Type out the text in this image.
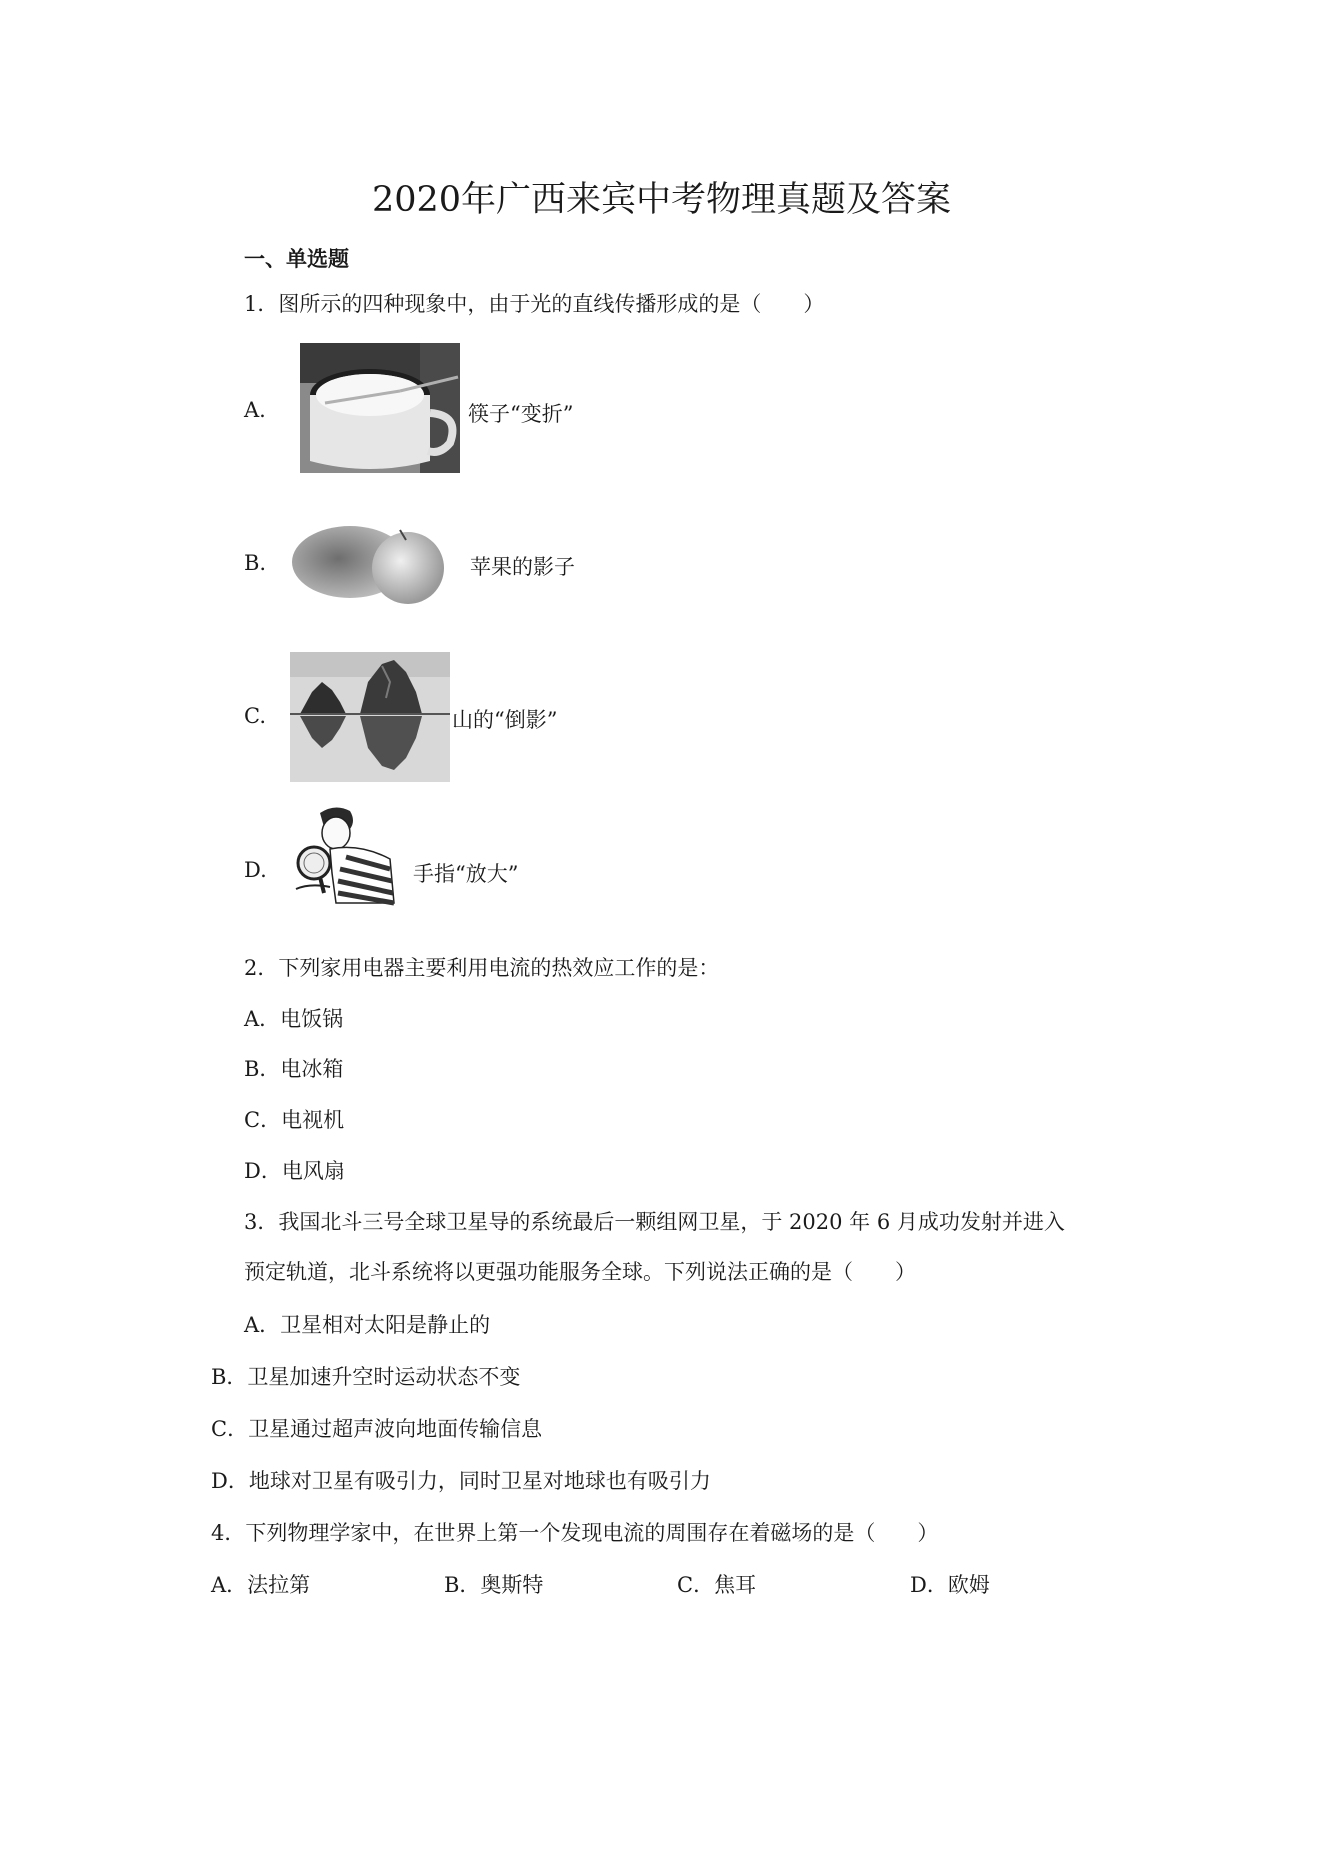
2020年广西来宾中考物理真题及答案
一、单选题
1．图所示的四种现象中，由于光的直线传播形成的是（　　）
A.	筷子“变折”
B.	苹果的影子
C.	山的“倒影”
D.	手指“放大”
2．下列家用电器主要利用电流的热效应工作的是：
A．电饭锅
B．电冰箱
C．电视机
D．电风扇
3．我国北斗三号全球卫星导的系统最后一颗组网卫星，于 2020 年 6 月成功发射并进入
预定轨道，北斗系统将以更强功能服务全球。下列说法正确的是（　　）
A．卫星相对太阳是静止的
B．卫星加速升空时运动状态不变
C．卫星通过超声波向地面传输信息
D．地球对卫星有吸引力，同时卫星对地球也有吸引力
4．下列物理学家中，在世界上第一个发现电流的周围存在着磁场的是（　　）
A．法拉第	B．奥斯特	C．焦耳	D．欧姆
